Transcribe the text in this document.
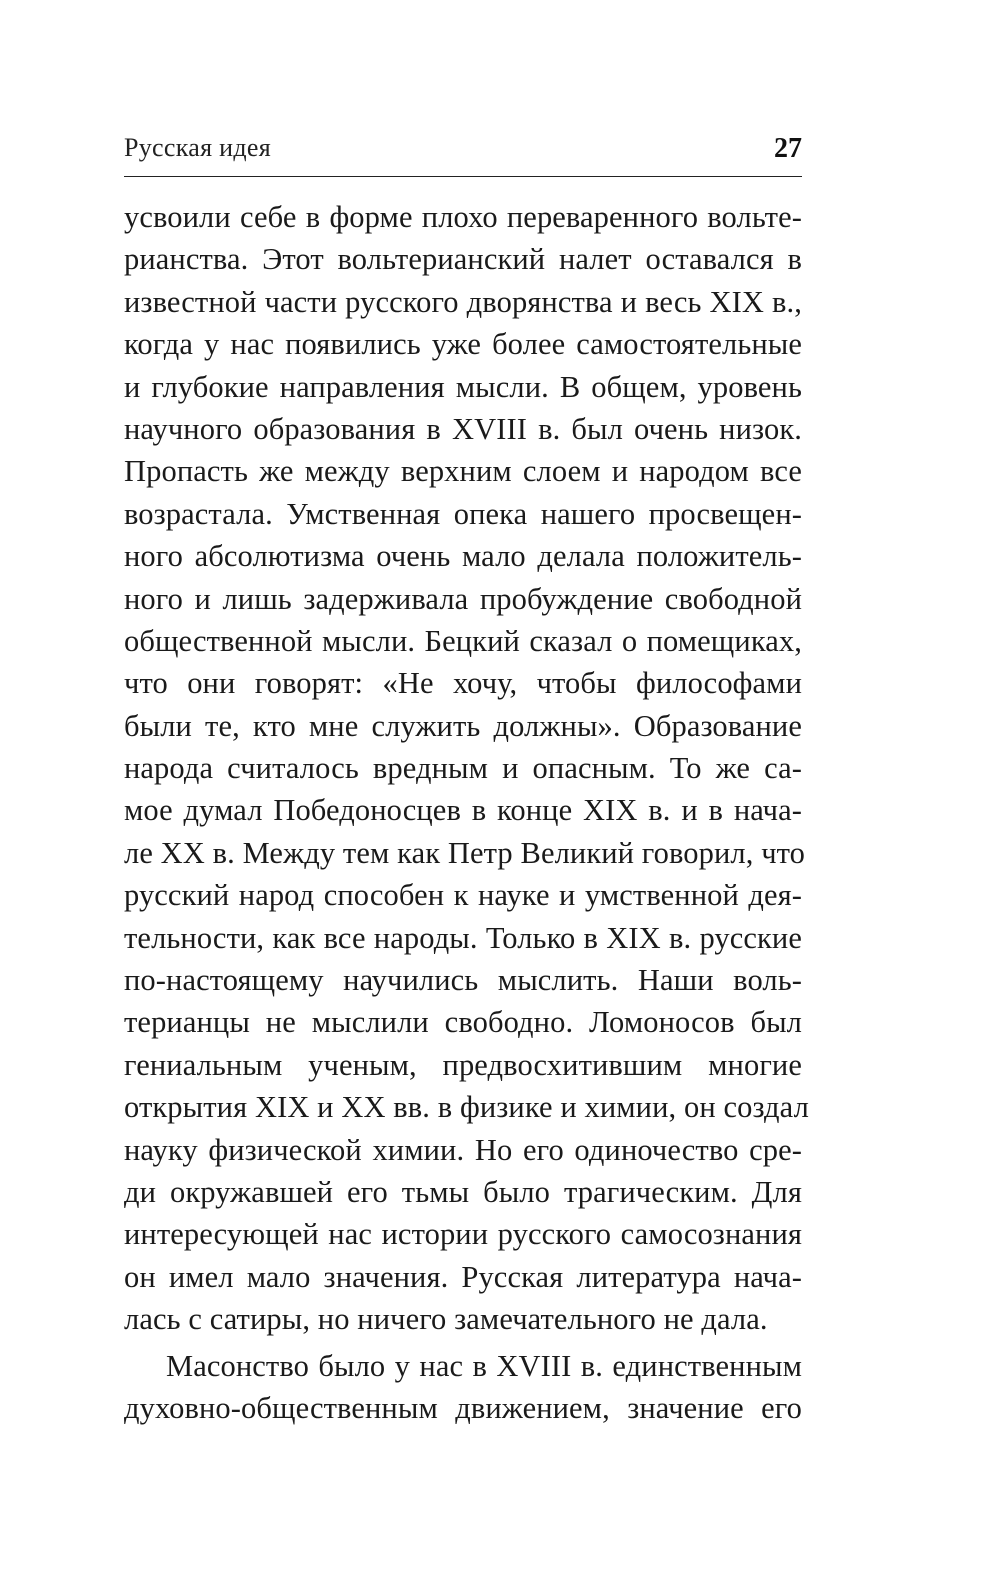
Русская идея	27
усвоили себе в форме плохо переваренного вольте-
рианства. Этот вольтерианский налет оставался в
известной части русского дворянства и весь XIX в.,
когда у нас появились уже более самостоятельные
и глубокие направления мысли. В общем, уровень
научного образования в XVIII в. был очень низок.
Пропасть же между верхним слоем и народом все
возрастала. Умственная опека нашего просвещен-
ного абсолютизма очень мало делала положитель-
ного и лишь задерживала пробуждение свободной
общественной мысли. Бецкий сказал о помещиках,
что они говорят: «Не хочу, чтобы философами
были те, кто мне служить должны». Образование
народа считалось вредным и опасным. То же са-
мое думал Победоносцев в конце XIX в. и в нача-
ле XX в. Между тем как Петр Великий говорил, что
русский народ способен к науке и умственной дея-
тельности, как все народы. Только в XIX в. русские
по-настоящему научились мыслить. Наши воль-
терианцы не мыслили свободно. Ломоносов был
гениальным ученым, предвосхитившим многие
открытия XIX и XX вв. в физике и химии, он создал
науку физической химии. Но его одиночество сре-
ди окружавшей его тьмы было трагическим. Для
интересующей нас истории русского самосознания
он имел мало значения. Русская литература нача-
лась с сатиры, но ничего замечательного не дала.
Масонство было у нас в XVIII в. единственным
духовно-общественным движением, значение его
